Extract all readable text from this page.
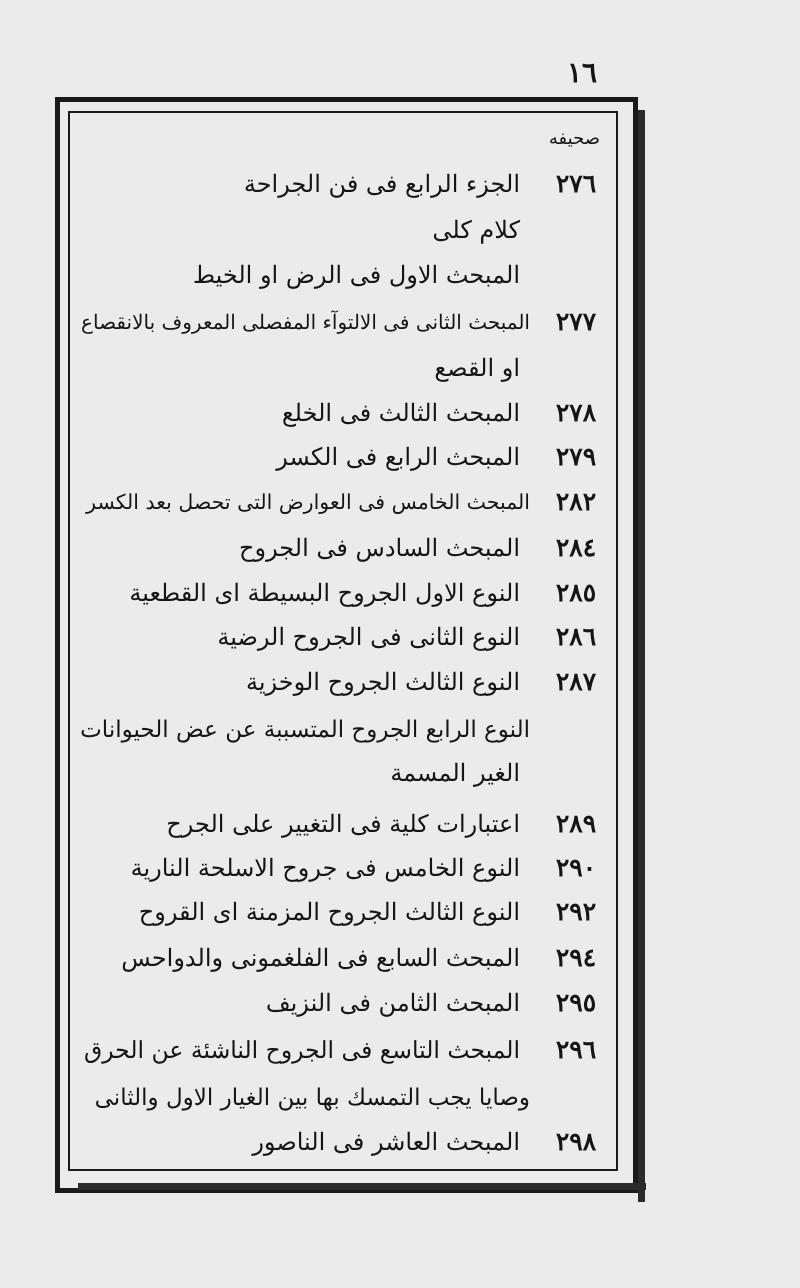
١٦
صحيفه
٢٧٦
الجزء الرابع فى فن الجراحة
كلام كلى
المبحث الاول فى الرض او الخيط
٢٧٧
المبحث الثانى فى الالتوآء المفصلى المعروف بالانقصاع
او القصع
٢٧٨
المبحث الثالث فى الخلع
٢٧٩
المبحث الرابع فى الكسر
٢٨٢
المبحث الخامس فى العوارض التى تحصل بعد الكسر
٢٨٤
المبحث السادس فى الجروح
٢٨٥
النوع الاول الجروح البسيطة اى القطعية
٢٨٦
النوع الثانى فى الجروح الرضية
٢٨٧
النوع الثالث الجروح الوخزية
النوع الرابع الجروح المتسببة عن عض الحيوانات
الغير المسمة
٢٨٩
اعتبارات كلية فى التغيير على الجرح
٢٩٠
النوع الخامس فى جروح الاسلحة النارية
٢٩٢
النوع الثالث الجروح المزمنة اى القروح
٢٩٤
المبحث السابع فى الفلغمونى والدواحس
٢٩٥
المبحث الثامن فى النزيف
٢٩٦
المبحث التاسع فى الجروح الناشئة عن الحرق
وصايا يجب التمسك بها بين الغيار الاول والثانى
٢٩٨
المبحث العاشر فى الناصور
